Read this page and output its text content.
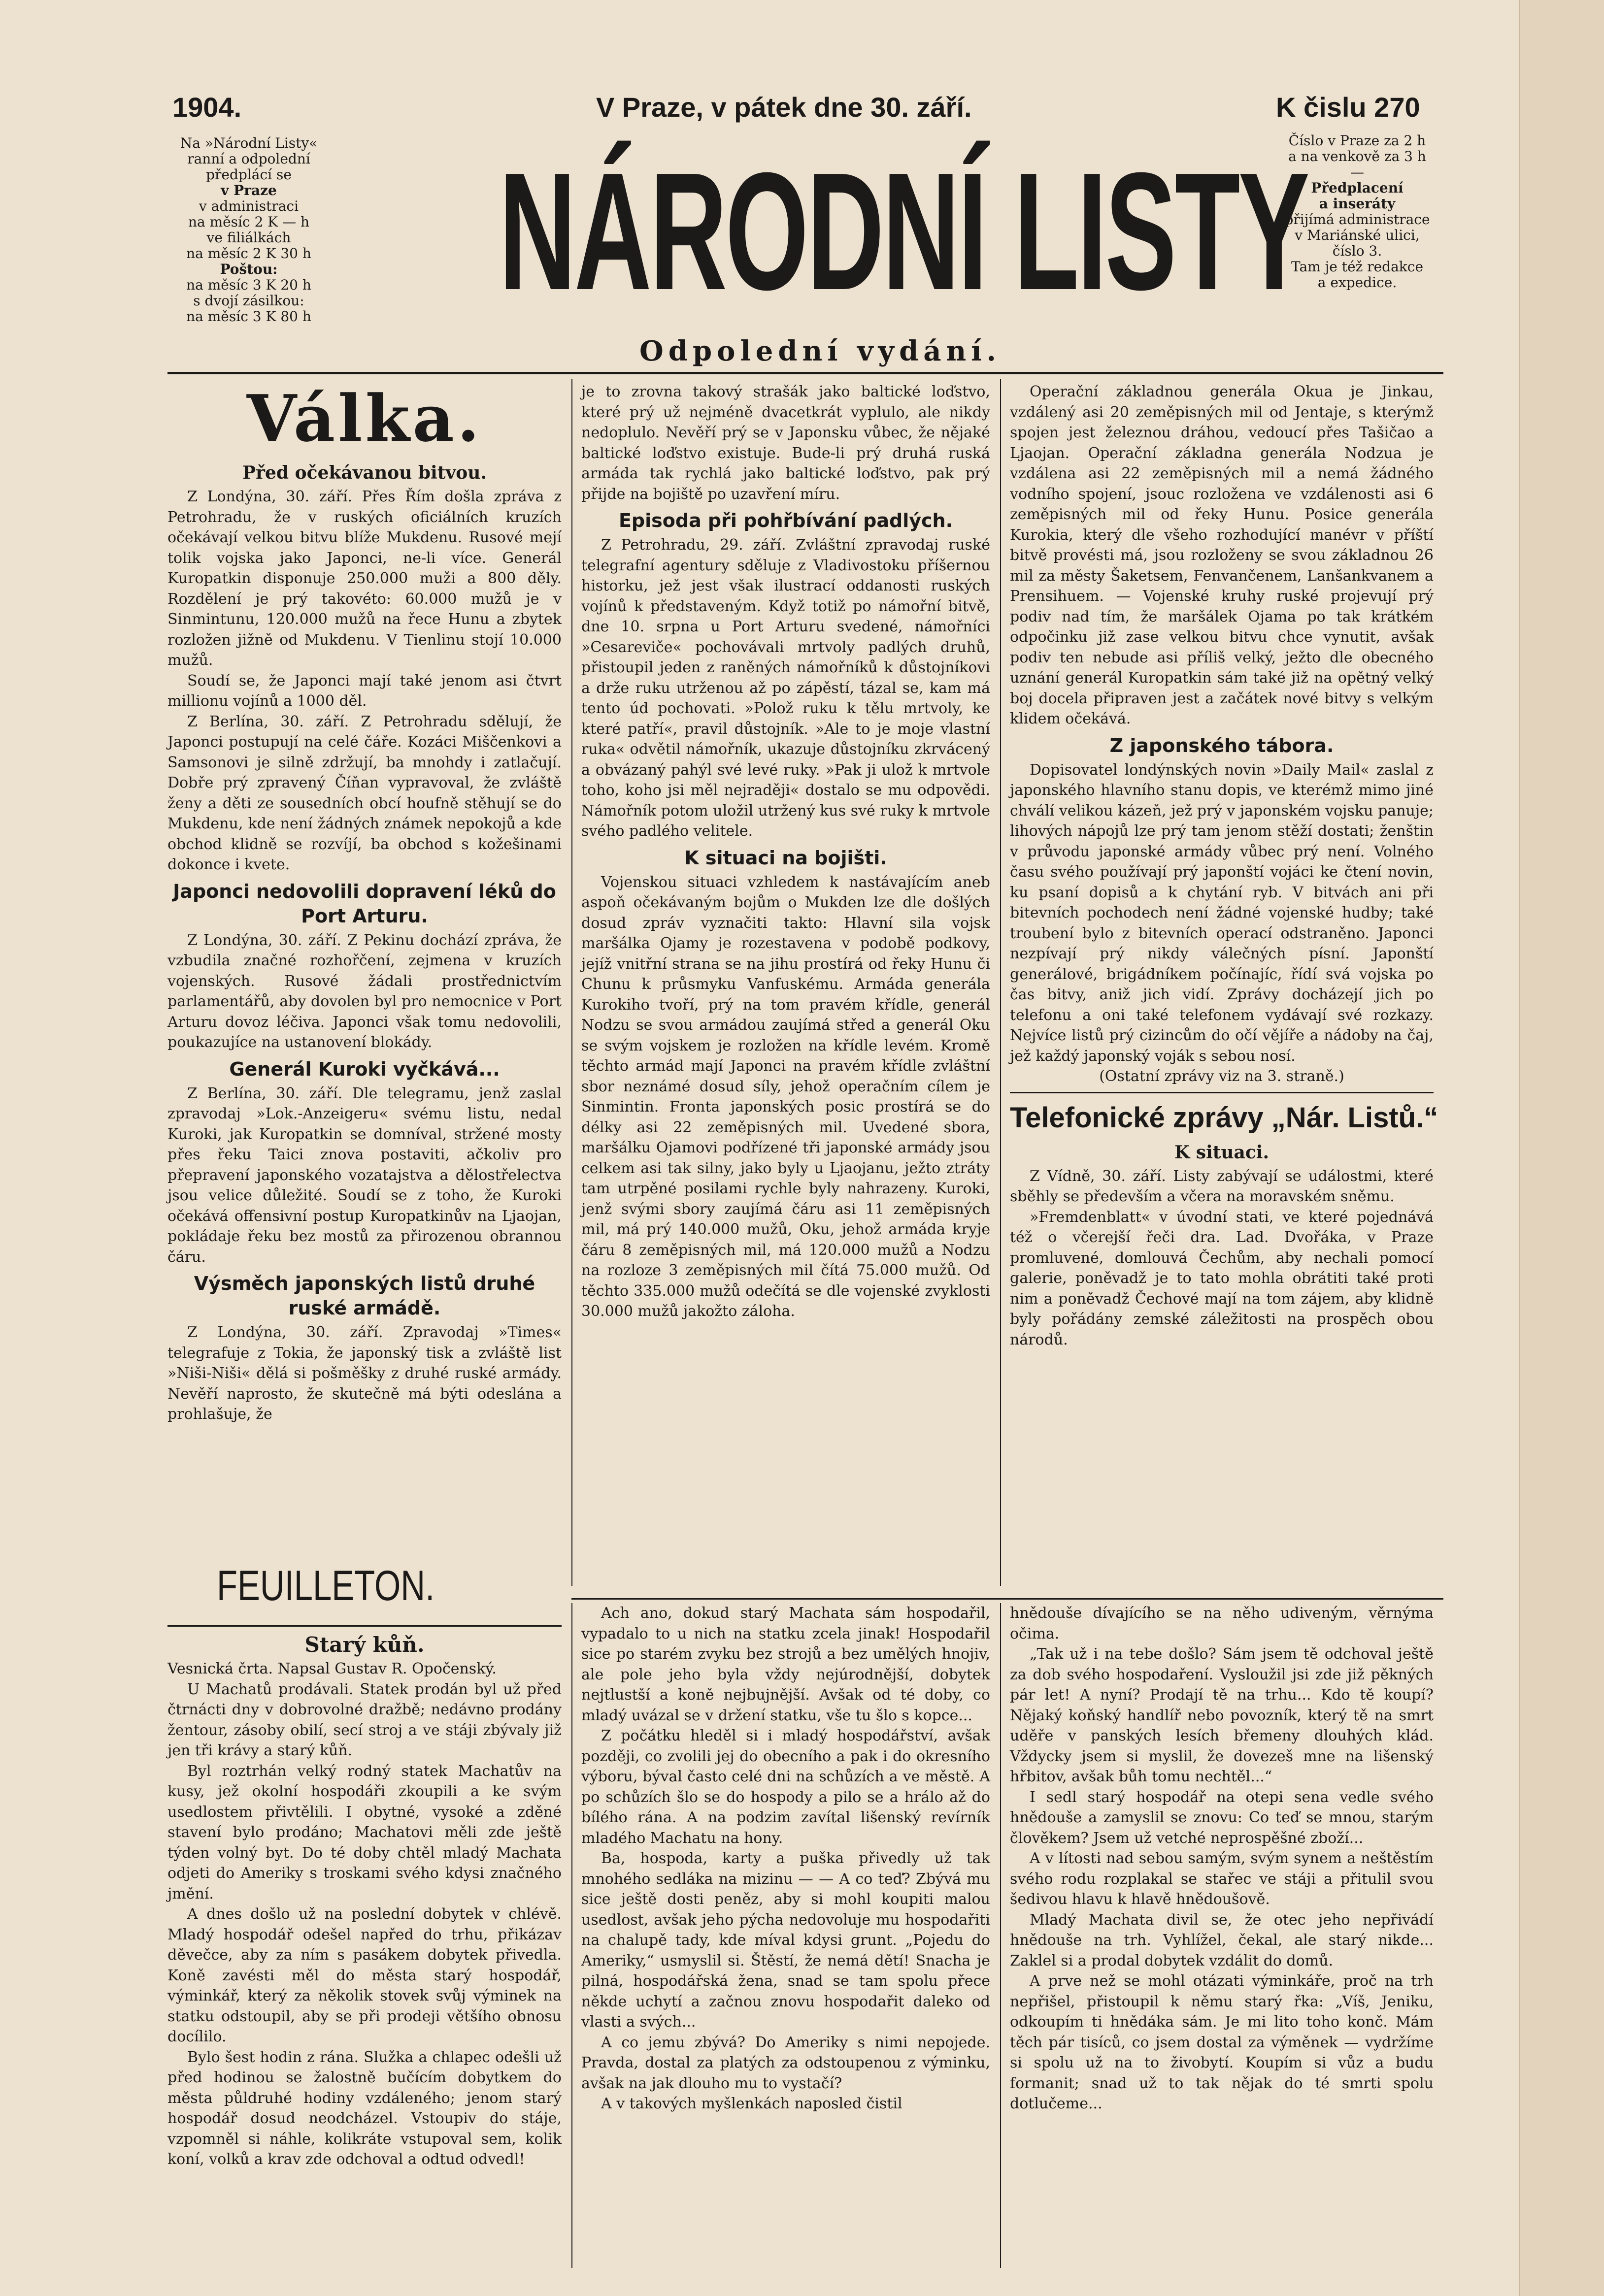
1904.	V Praze, v pátek dne 30. září.	K čislu 270
Na »Národní Listy«
ranní a odpolední
předplácí se
v Praze
v administraci
na měsíc 2 K — h
ve filiálkách
na měsíc 2 K 30 h
Poštou:
na měsíc 3 K 20 h
s dvojí zásilkou:
na měsíc 3 K 80 h NÁRODNÍ LISTY
Odpolední vydání.
Číslo v Praze za 2 h
a na venkově za 3 h
—
Předplacení
a inseráty
přijímá administrace
v Mariánské ulici,
číslo 3.
Tam je též redakce
a expedice.
Válka.
Před očekávanou bitvou.

Z Londýna, 30. září. Přes Řím došla zpráva z Petrohradu, že v ruských oficiálních kruzích očekávají velkou bitvu blíže Mukdenu. Rusové mejí tolik vojska jako Japonci, ne-li více. Generál Kuropatkin disponuje 250.000 muži a 800 děly. Rozdělení je prý takovéto: 60.000 mužů je v Sinmintunu, 120.000 mužů na řece Hunu a zbytek rozložen jižně od Mukdenu. V Tienlinu stojí 10.000 mužů.

Soudí se, že Japonci mají také jenom asi čtvrt millionu vojínů a 1000 děl.

Z Berlína, 30. září. Z Petrohradu sdělují, že Japonci postupují na celé čáře. Kozáci Miščenkovi a Samsonovi je silně zdržují, ba mnohdy i zatlačují. Dobře prý zpravený Číňan vypravoval, že zvláště ženy a děti ze sousedních obcí houfně stěhují se do Mukdenu, kde není žádných známek nepokojů a kde obchod klidně se rozvíjí, ba obchod s kožešinami dokonce i kvete.

Japonci nedovolili dopravení léků do Port Arturu.

Z Londýna, 30. září. Z Pekinu dochází zpráva, že vzbudila značné rozhořčení, zejmena v kruzích vojenských. Rusové žádali prostřednictvím parlamentářů, aby dovolen byl pro nemocnice v Port Arturu dovoz léčiva. Japonci však tomu nedovolili, poukazujíce na ustanovení blokády.

Generál Kuroki vyčkává...

Z Berlína, 30. září. Dle telegramu, jenž zaslal zpravodaj »Lok.-Anzeigeru« svému listu, nedal Kuroki, jak Kuropatkin se domníval, stržené mosty přes řeku Taici znova postaviti, ačkoliv pro přepravení japonského vozatajstva a dělostřelectva jsou velice důležité. Soudí se z toho, že Kuroki očekává offensivní postup Kuropatkinův na Ljaojan, pokládaje řeku bez mostů za přirozenou obrannou čáru.

Výsměch japonských listů druhé ruské armádě.

Z Londýna, 30. září. Zpravodaj »Times« telegrafuje z Tokia, že japonský tisk a zvláště list »Niši-Niši« dělá si pošměšky z druhé ruské armády. Nevěří naprosto, že skutečně má býti odeslána a prohlašuje, že

je to zrovna takový strašák jako baltické loďstvo, které prý už nejméně dvacetkrát vyplulo, ale nikdy nedoplulo. Nevěří prý se v Japonsku vůbec, že nějaké baltické loďstvo existuje. Bude-li prý druhá ruská armáda tak rychlá jako baltické loďstvo, pak prý přijde na bojiště po uzavření míru.

Episoda při pohřbívání padlých.

Z Petrohradu, 29. září. Zvláštní zpravodaj ruské telegrafní agentury sděluje z Vladivostoku příšernou historku, jež jest však ilustrací oddanosti ruských vojínů k představeným. Když totiž po námořní bitvě, dne 10. srpna u Port Arturu svedené, námořníci »Cesareviče« pochovávali mrtvoly padlých druhů, přistoupil jeden z raněných námořníků k důstojníkovi a drže ruku utrženou až po zápěstí, tázal se, kam má tento úd pochovati. »Polož ruku k tělu mrtvoly, ke které patří«, pravil důstojník. »Ale to je moje vlastní ruka« odvětil námořník, ukazuje důstojníku zkrvácený a obvázaný pahýl své levé ruky. »Pak ji ulož k mrtvole toho, koho jsi měl nejraději« dostalo se mu odpovědi. Námořník potom uložil utržený kus své ruky k mrtvole svého padlého velitele.

K situaci na bojišti.

Vojenskou situaci vzhledem k nastávajícím aneb aspoň očekávaným bojům o Mukden lze dle došlých dosud zpráv vyznačiti takto: Hlavní sila vojsk maršálka Ojamy je rozestavena v podobě podkovy, jejíž vnitřní strana se na jihu prostírá od řeky Hunu či Chunu k průsmyku Vanfuskému. Armáda generála Kurokiho tvoří, prý na tom pravém křídle, generál Nodzu se svou armádou zaujímá střed a generál Oku se svým vojskem je rozložen na křídle levém. Kromě těchto armád mají Japonci na pravém křídle zvláštní sbor neznámé dosud síly, jehož operačním cílem je Sinmintin. Fronta japonských posic prostírá se do délky asi 22 zeměpisných mil. Uvedené sbora, maršálku Ojamovi podřízené tři japonské armády jsou celkem asi tak silny, jako byly u Ljaojanu, ježto ztráty tam utrpěné posilami rychle byly nahrazeny. Kuroki, jenž svými sbory zaujímá čáru asi 11 zeměpisných mil, má prý 140.000 mužů, Oku, jehož armáda kryje čáru 8 zeměpisných mil, má 120.000 mužů a Nodzu na rozloze 3 zeměpisných mil čítá 75.000 mužů. Od těchto 335.000 mužů odečítá se dle vojenské zvyklosti 30.000 mužů jakožto záloha.

Operační základnou generála Okua je Jinkau, vzdálený asi 20 zeměpisných mil od Jentaje, s kterýmž spojen jest železnou dráhou, vedoucí přes Tašičao a Ljaojan. Operační základna generála Nodzua je vzdálena asi 22 zeměpisných mil a nemá žádného vodního spojení, jsouc rozložena ve vzdálenosti asi 6 zeměpisných mil od řeky Hunu. Posice generála Kurokia, který dle všeho rozhodující manévr v příští bitvě provésti má, jsou rozloženy se svou základnou 26 mil za městy Šaketsem, Fenvančenem, Lanšankvanem a Prensihuem. — Vojenské kruhy ruské projevují prý podiv nad tím, že maršálek Ojama po tak krátkém odpočinku již zase velkou bitvu chce vynutit, avšak podiv ten nebude asi příliš velký, ježto dle obecného uznání generál Kuropatkin sám také již na opětný velký boj docela připraven jest a začátek nové bitvy s velkým klidem očekává.

Z japonského tábora.

Dopisovatel londýnských novin »Daily Mail« zaslal z japonského hlavního stanu dopis, ve kterémž mimo jiné chválí velikou kázeň, jež prý v japonském vojsku panuje; lihových nápojů lze prý tam jenom stěží dostati; ženštin v průvodu japonské armády vůbec prý není. Volného času svého používají prý japonští vojáci ke čtení novin, ku psaní dopisů a k chytání ryb. V bitvách ani při bitevních pochodech není žádné vojenské hudby; také troubení bylo z bitevních operací odstraněno. Japonci nezpívají prý nikdy válečných písní. Japonští generálové, brigádníkem počínajíc, řídí svá vojska po čas bitvy, aniž jich vidí. Zprávy docházejí jich po telefonu a oni také telefonem vydávají své rozkazy. Nejvíce listů prý cizincům do očí vějíře a nádoby na čaj, jež každý japonský voják s sebou nosí.

(Ostatní zprávy viz na 3. straně.)

Telefonické zprávy „Nár. Listů.“
K situaci.

Z Vídně, 30. září. Listy zabývají se událostmi, které sběhly se především a včera na moravském sněmu.

»Fremdenblatt« v úvodní stati, ve které pojednává též o včerejší řeči dra. Lad. Dvořáka, v Praze promluvené, domlouvá Čechům, aby nechali pomocí galerie, poněvadž je to tato mohla obrátiti také proti nim a poněvadž Čechové mají na tom zájem, aby klidně byly pořádány zemské záležitosti na prospěch obou národů.

FEUILLETON.
Starý kůň.

Vesnická črta. Napsal Gustav R. Opočenský.

U Machatů prodávali. Statek prodán byl už před čtrnácti dny v dobrovolné dražbě; nedávno prodány žentour, zásoby obilí, secí stroj a ve stáji zbývaly již jen tři krávy a starý kůň.

Byl roztrhán velký rodný statek Machatův na kusy, jež okolní hospodáři zkoupili a ke svým usedlostem přivtělili. I obytné, vysoké a zděné stavení bylo prodáno; Machatovi měli zde ještě týden volný byt. Do té doby chtěl mladý Machata odjeti do Ameriky s troskami svého kdysi značného jmění.

A dnes došlo už na poslední dobytek v chlévě. Mladý hospodář odešel napřed do trhu, přikázav děvečce, aby za ním s pasákem dobytek přivedla. Koně zavésti měl do města starý hospodář, výminkář, který za několik stovek svůj výminek na statku odstoupil, aby se při prodeji většího obnosu docílilo.

Bylo šest hodin z rána. Služka a chlapec odešli už před hodinou se žalostně bučícím dobytkem do města půldruhé hodiny vzdáleného; jenom starý hospodář dosud neodcházel. Vstoupiv do stáje, vzpomněl si náhle, kolikráte vstupoval sem, kolik koní, volků a krav zde odchoval a odtud odvedl!

Ach ano, dokud starý Machata sám hospodařil, vypadalo to u nich na statku zcela jinak! Hospodařil sice po starém zvyku bez strojů a bez umělých hnojiv, ale pole jeho byla vždy nejúrodnější, dobytek nejtlustší a koně nejbujnější. Avšak od té doby, co mladý uvázal se v držení statku, vše tu šlo s kopce...

Z počátku hleděl si i mladý hospodářství, avšak později, co zvolili jej do obecního a pak i do okresního výboru, býval často celé dni na schůzích a ve městě. A po schůzích šlo se do hospody a pilo se a hrálo až do bílého rána. A na podzim zavítal lišenský revírník mladého Machatu na hony.

Ba, hospoda, karty a puška přivedly už tak mnohého sedláka na mizinu — — A co teď? Zbývá mu sice ještě dosti peněz, aby si mohl koupiti malou usedlost, avšak jeho pýcha nedovoluje mu hospodařiti na chalupě tady, kde míval kdysi grunt. „Pojedu do Ameriky,“ usmyslil si. Štěstí, že nemá dětí! Snacha je pilná, hospodářská žena, snad se tam spolu přece někde uchytí a začnou znovu hospodařit daleko od vlasti a svých...

A co jemu zbývá? Do Ameriky s nimi nepojede. Pravda, dostal za platých za odstoupenou z výminku, avšak na jak dlouho mu to vystačí?

A v takových myšlenkách naposled čistil

hnědouše dívajícího se na něho udiveným, věrnýma očima.

„Tak už i na tebe došlo? Sám jsem tě odchoval ještě za dob svého hospodaření. Vysloužil jsi zde již pěkných pár let! A nyní? Prodají tě na trhu... Kdo tě koupí? Nějaký koňský handlíř nebo povozník, který tě na smrt uděře v panských lesích břemeny dlouhých klád. Vždycky jsem si myslil, že dovezeš mne na lišenský hřbitov, avšak bůh tomu nechtěl...“

I sedl starý hospodář na otepi sena vedle svého hnědouše a zamyslil se znovu: Co teď se mnou, starým člověkem? Jsem už vetché neprospěšné zboží...

A v lítosti nad sebou samým, svým synem a neštěstím svého rodu rozplakal se stařec ve stáji a přitulil svou šedivou hlavu k hlavě hnědoušově.

Mladý Machata divil se, že otec jeho nepřivádí hnědouše na trh. Vyhlížel, čekal, ale starý nikde... Zaklel si a prodal dobytek vzdálit do domů.

A prve než se mohl otázati výminkáře, proč na trh nepřišel, přistoupil k němu starý řka: „Víš, Jeniku, odkoupím ti hnědáka sám. Je mi lito toho konč. Mám těch pár tisíců, co jsem dostal za výměnek — vydržíme si spolu už na to živobytí. Koupím si vůz a budu formanit; snad už to tak nějak do té smrti spolu dotlučeme...
